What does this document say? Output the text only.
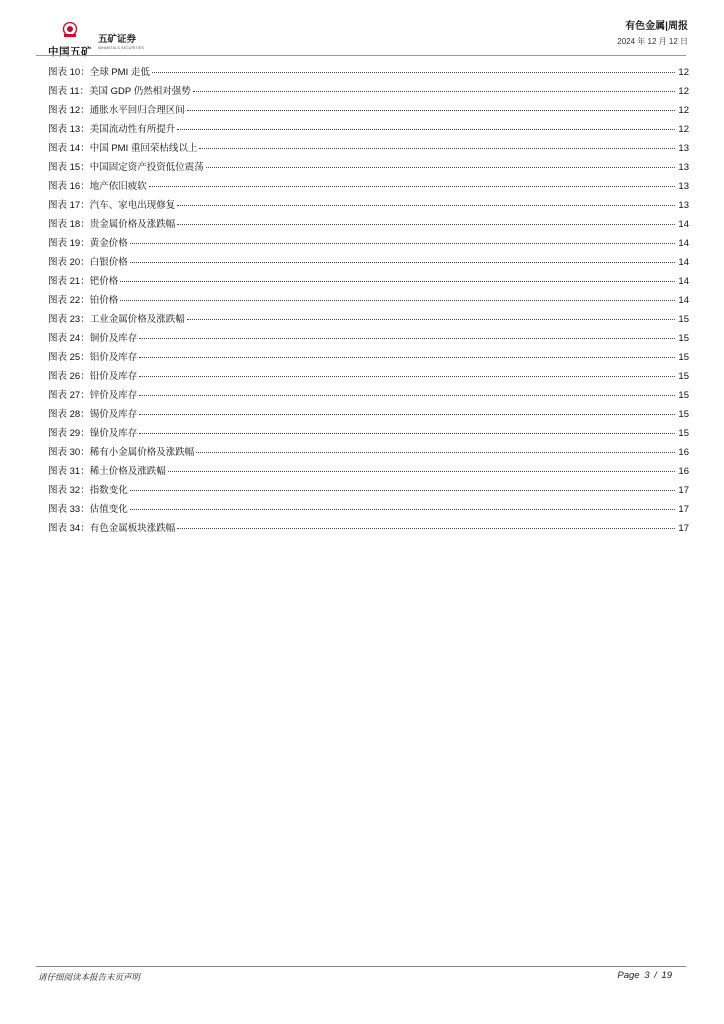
中国五矿
五矿证券
MINMETALS SECURITIES
有色金属|周报
2024 年 12 月 12 日
图表 10：全球 PMI 走低	12
图表 11：美国 GDP 仍然相对强势	12
图表 12：通胀水平回归合理区间	12
图表 13：美国流动性有所提升	12
图表 14：中国 PMI 重回荣枯线以上	13
图表 15：中国固定资产投资低位震荡	13
图表 16：地产依旧疲软	13
图表 17：汽车、家电出现修复	13
图表 18：贵金属价格及涨跌幅	14
图表 19：黄金价格	14
图表 20：白银价格	14
图表 21：钯价格	14
图表 22：铂价格	14
图表 23：工业金属价格及涨跌幅	15
图表 24：铜价及库存	15
图表 25：铝价及库存	15
图表 26：铅价及库存	15
图表 27：锌价及库存	15
图表 28：锡价及库存	15
图表 29：镍价及库存	15
图表 30：稀有小金属价格及涨跌幅	16
图表 31：稀土价格及涨跌幅	16
图表 32：指数变化	17
图表 33：估值变化	17
图表 34：有色金属板块涨跌幅	17
请仔细阅读本报告末页声明	Page 3 / 19
